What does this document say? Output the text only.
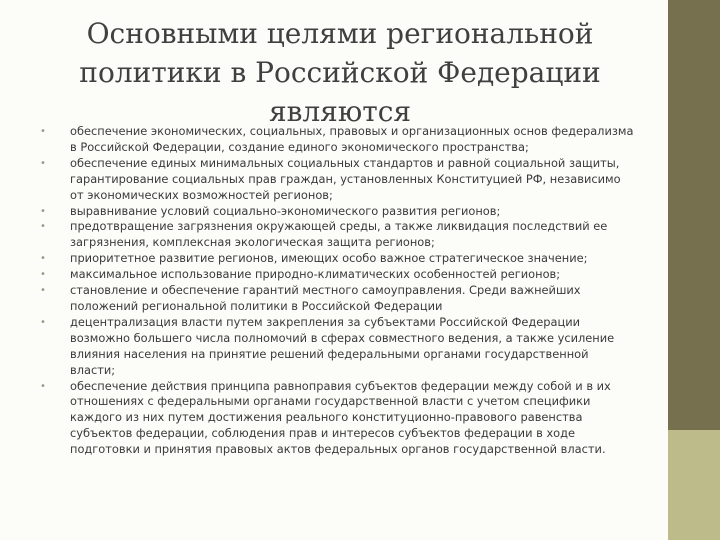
Основными целями региональной
политики в Российской Федерации
являются
•	обеспечение экономических, социальных, правовых и организационных основ федерализма в Российской Федерации, создание единого экономического пространства;
•	обеспечение единых минимальных социальных стандартов и равной социальной защиты, гарантирование социальных прав граждан, установленных Конституцией РФ, независимо от экономических возможностей регионов;
•	выравнивание условий социально-экономического развития регионов;
•	предотвращение загрязнения окружающей среды, а также ликвидация последствий ее загрязнения, комплексная экологическая защита регионов;
•	приоритетное развитие регионов, имеющих особо важное стратегическое значение;
•	максимальное использование природно-климатических особенностей регионов;
•	становление и обеспечение гарантий местного самоуправления. Среди важнейших положений региональной политики в Российской Федерации
•	децентрализация власти путем закрепления за субъектами Российской Федерации возможно большего числа полномочий в сферах совместного ведения, а также усиление влияния населения на принятие решений федеральными органами государственной власти;
•	обеспечение действия принципа равноправия субъектов федерации между собой и в их отношениях с федеральными органами государственной власти с учетом специфики каждого из них путем достижения реального конституционно-правового равенства субъектов федерации, соблюдения прав и интересов субъектов федерации в ходе подготовки и принятия правовых актов федеральных органов государственной власти.
